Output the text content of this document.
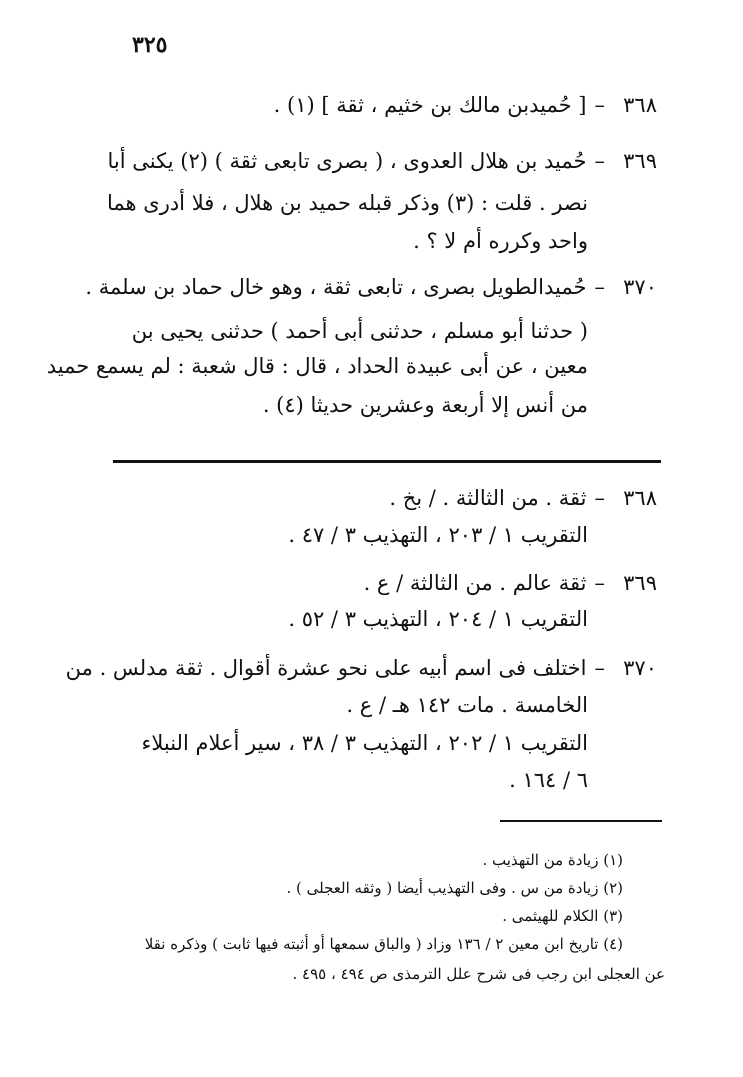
٣٢٥
٣٦٨–[ حُميدبن مالك بن خثيم ، ثقة ] (١) .
٣٦٩–حُميد بن هلال العدوى ، ( بصرى تابعى ثقة ) (٢) يكنى أبا
نصر . قلت : (٣) وذكر قبله حميد بن هلال ، فلا أدرى هما
واحد وكرره أم لا ؟ .
٣٧٠–حُميدالطويل بصرى ، تابعى ثقة ، وهو خال حماد بن سلمة .
( حدثنا أبو مسلم ، حدثنى أبى أحمد ) حدثنى يحيى بن
معين ، عن أبى عبيدة الحداد ، قال : قال شعبة : لم يسمع حميد
من أنس إلا أربعة وعشرين حديثا (٤) .
٣٦٨–ثقة . من الثالثة . / بخ .
التقريب ١ / ٢٠٣ ، التهذيب ٣ / ٤٧ .
٣٦٩–ثقة عالم . من الثالثة / ع .
التقريب ١ / ٢٠٤ ، التهذيب ٣ / ٥٢ .
٣٧٠–اختلف فى اسم أبيه على نحو عشرة أقوال . ثقة مدلس . من
الخامسة . مات ١٤٢ هـ / ع .
التقريب ١ / ٢٠٢ ، التهذيب ٣ / ٣٨ ، سير أعلام النبلاء
٦ / ١٦٤ .
(١) زيادة من التهذيب .
(٢) زيادة من س . وفى التهذيب أيضا ( وثقه العجلى ) .
(٣) الكلام للهيثمى .
(٤) تاريخ ابن معين ٢ / ١٣٦ وزاد ( والباق سمعها أو أثبته فيها ثابت ) وذكره نقلا
عن العجلى ابن رجب فى شرح علل الترمذى ص ٤٩٤ ، ٤٩٥ .
